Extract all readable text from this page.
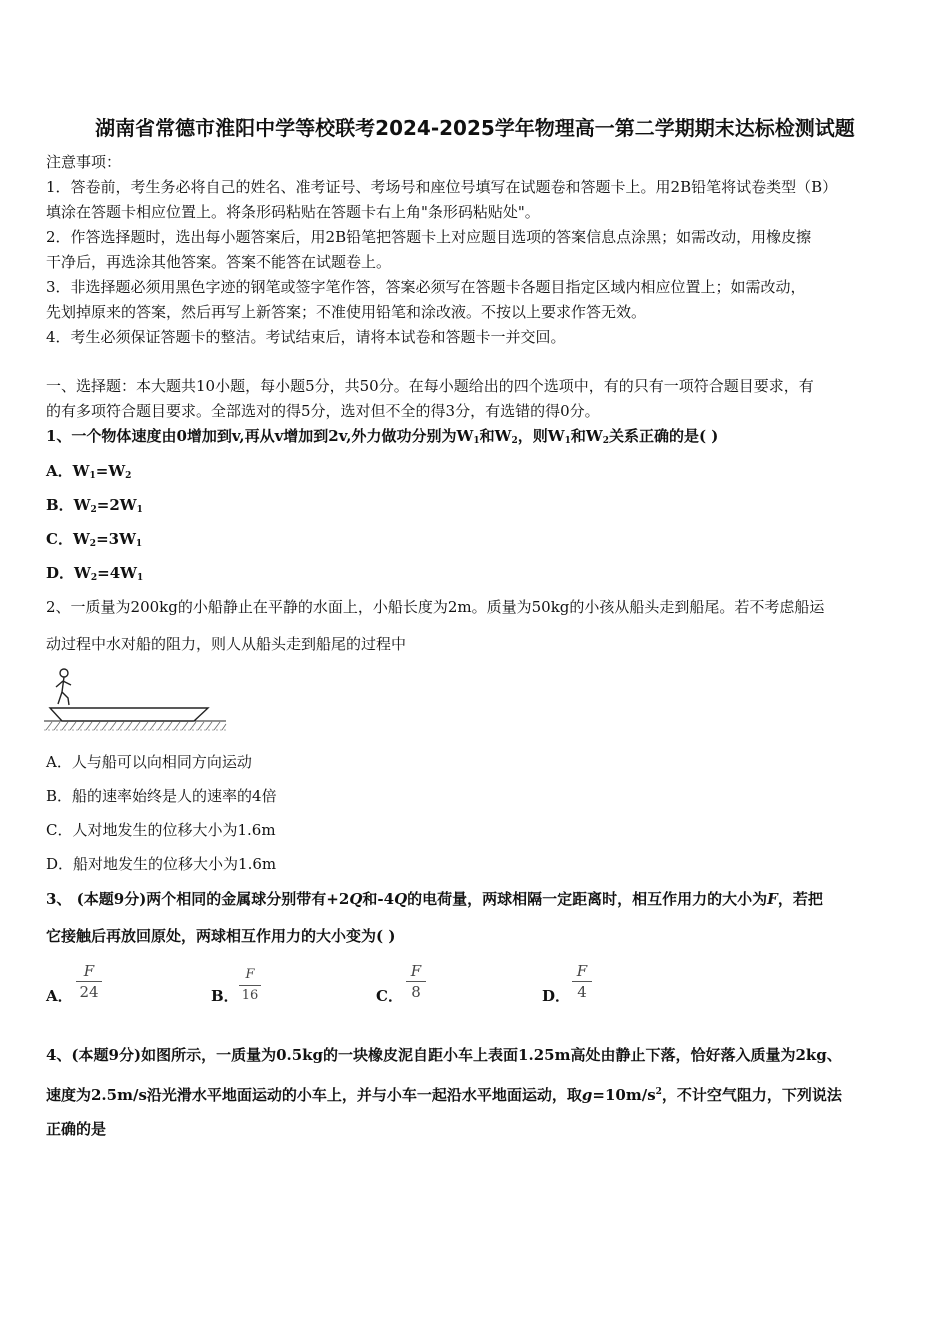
湖南省常德市淮阳中学等校联考2024-2025学年物理高一第二学期期末达标检测试题
注意事项：
1．答卷前，考生务必将自己的姓名、准考证号、考场号和座位号填写在试题卷和答题卡上。用2B铅笔将试卷类型（B）
填涂在答题卡相应位置上。将条形码粘贴在答题卡右上角"条形码粘贴处"。
2．作答选择题时，选出每小题答案后，用2B铅笔把答题卡上对应题目选项的答案信息点涂黑；如需改动，用橡皮擦
干净后，再选涂其他答案。答案不能答在试题卷上。
3．非选择题必须用黑色字迹的钢笔或签字笔作答，答案必须写在答题卡各题目指定区域内相应位置上；如需改动，
先划掉原来的答案，然后再写上新答案；不准使用铅笔和涂改液。不按以上要求作答无效。
4．考生必须保证答题卡的整洁。考试结束后，请将本试卷和答题卡一并交回。
一、选择题：本大题共10小题，每小题5分，共50分。在每小题给出的四个选项中，有的只有一项符合题目要求，有
的有多项符合题目要求。全部选对的得5分，选对但不全的得3分，有选错的得0分。
1、一个物体速度由0增加到v,再从v增加到2v,外力做功分别为$W_1$和$W_2$，则$W_1$和$W_2$关系正确的是( )
A．$W_1=W_2$
B．$W_2=2W_1$
C．$W_2=3W_1$
D．$W_2=4W_1$
2、一质量为200kg的小船静止在平静的水面上，小船长度为2m。质量为50kg的小孩从船头走到船尾。若不考虑船运
动过程中水对船的阻力，则人从船头走到船尾的过程中
A．人与船可以向相同方向运动
B．船的速率始终是人的速率的4倍
C．人对地发生的位移大小为1.6m
D．船对地发生的位移大小为1.6m
3、 (本题9分)两个相同的金属球分别带有+2Q和-4Q的电荷量，两球相隔一定距离时，相互作用力的大小为F，若把
它接触后再放回原处，两球相互作用力的大小变为( )
A．
F
24	B．
F
16	C．
F
8	D．
F
4
4、(本题9分)如图所示，一质量为0.5kg的一块橡皮泥自距小车上表面1.25m高处由静止下落，恰好落入质量为2kg、
速度为2.5m/s沿光滑水平地面运动的小车上，并与小车一起沿水平地面运动，取$g=10m/s^2$，不计空气阻力，下列说法
正确的是
